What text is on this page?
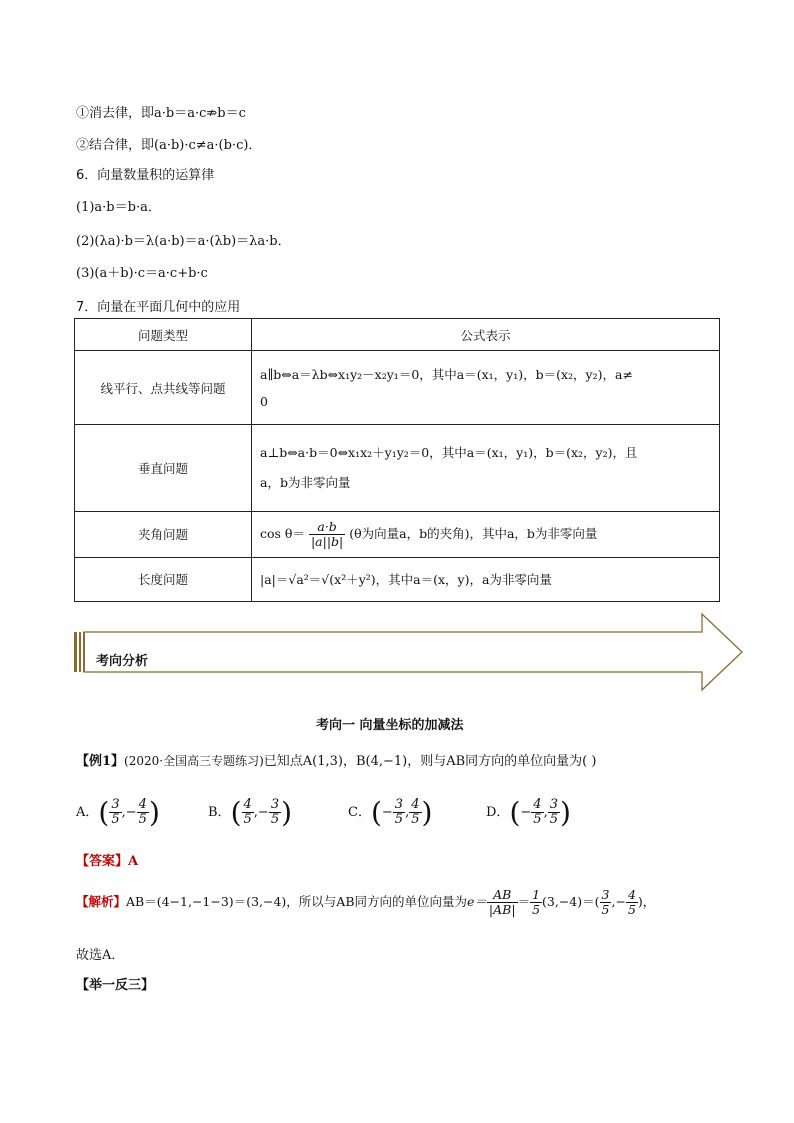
①消去律，即a·b＝a·c⇏b＝c
②结合律，即(a·b)·c≠a·(b·c)．
6．向量数量积的运算律
(1)a·b＝b·a．
(2)(λa)·b＝λ(a·b)＝a·(λb)＝λa·b．
(3)(a＋b)·c＝a·c+b·c
7．向量在平面几何中的应用
问题类型	公式表示
线平行、点共线等问题	a∥b⇔a＝λb⇔x₁y₂－x₂y₁＝0，其中a＝(x₁，y₁)，b＝(x₂，y₂)，a≠
0

垂直问题	a⊥b⇔a·b＝0⇔x₁x₂＋y₁y₂＝0，其中a＝(x₁，y₁)，b＝(x₂，y₂)，且
a，b为非零向量

夹角问题	$\cos \theta= \frac{a\cdot b}{|a||b|} (\theta$为向量a，b的夹角)，其中a，b为非零向量
长度问题	|a|＝√a²＝√(x²＋y²)，其中a＝(x，y)，a为非零向量
考向分析
考向一 向量坐标的加减法
【例1】(2020·全国高三专题练习)已知点A(1,3)，B(4,−1)，则与AB同方向的单位向量为( )
A．( $\frac{3}{5}$ ,− $\frac{4}{5}$ )	B．( $\frac{4}{5}$ ,− $\frac{3}{5}$ )	C．(− $\frac{3}{5}$ , $\frac{4}{5}$ )	D．(− $\frac{4}{5}$ , $\frac{3}{5}$ )
【答案】A
【解析】AB＝(4−1,−1−3)＝(3,−4)，所以与AB同方向的单位向量为$e= \frac{AB}{|AB|} = \frac{1}{5} (3,-4)=( \frac{3}{5}$ ,− $\frac{4}{5}$ )，
故选A．
【举一反三】
